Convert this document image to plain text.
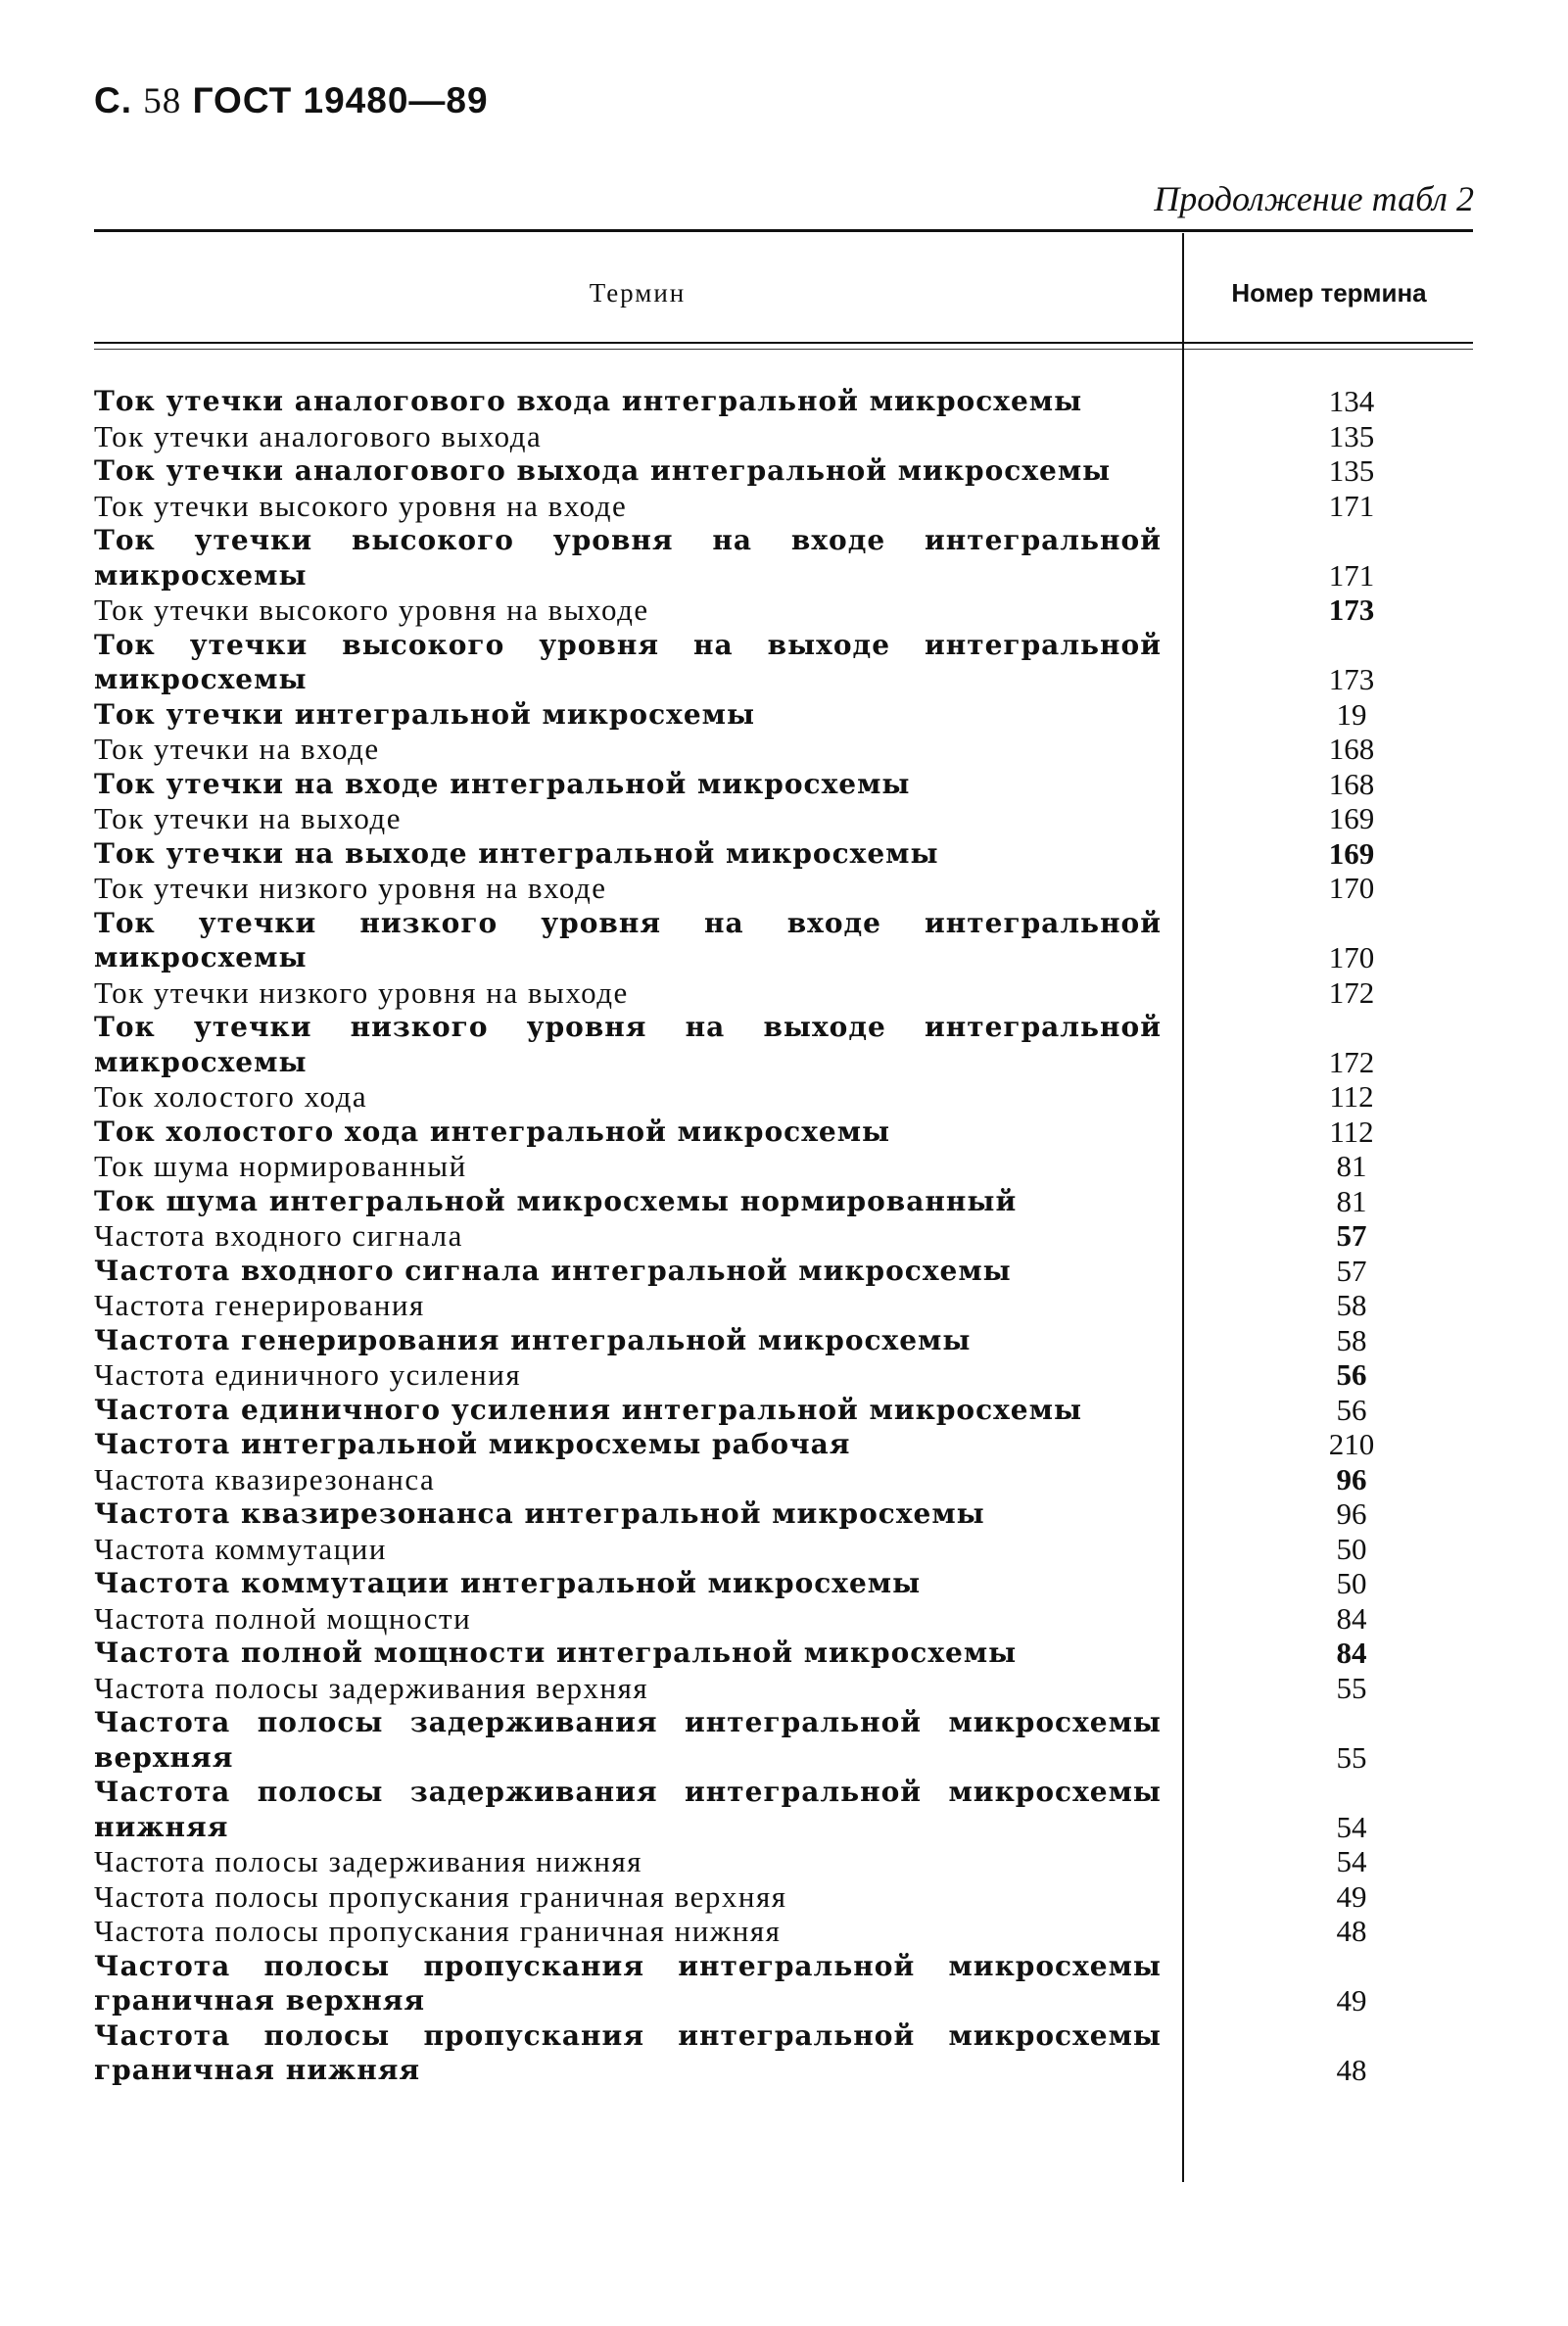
С. 58 ГОСТ 19480—89
Продолжение табл 2
Термин	Номер термина
Ток утечки аналогового входа интегральной микросхемы	134
Ток утечки аналогового выхода	135
Ток утечки аналогового выхода интегральной микросхемы	135
Ток утечки высокого уровня на входе	171
Ток утечки высокого уровня на входе интегральной микросхемы	171
Ток утечки высокого уровня на выходе	173
Ток утечки высокого уровня на выходе интегральной микросхемы	173
Ток утечки интегральной микросхемы	19
Ток утечки на входе	168
Ток утечки на входе интегральной микросхемы	168
Ток утечки на выходе	169
Ток утечки на выходе интегральной микросхемы	169
Ток утечки низкого уровня на входе	170
Ток утечки низкого уровня на входе интегральной микросхемы	170
Ток утечки низкого уровня на выходе	172
Ток утечки низкого уровня на выходе интегральной микросхемы	172
Ток холостого хода	112
Ток холостого хода интегральной микросхемы	112
Ток шума нормированный	81
Ток шума интегральной микросхемы нормированный	81
Частота входного сигнала	57
Частота входного сигнала интегральной микросхемы	57
Частота генерирования	58
Частота генерирования интегральной микросхемы	58
Частота единичного усиления	56
Частота единичного усиления интегральной микросхемы	56
Частота интегральной микросхемы рабочая	210
Частота квазирезонанса	96
Частота квазирезонанса интегральной микросхемы	96
Частота коммутации	50
Частота коммутации интегральной микросхемы	50
Частота полной мощности	84
Частота полной мощности интегральной микросхемы	84
Частота полосы задерживания верхняя	55
Частота полосы задерживания интегральной микросхемы верхняя	55
Частота полосы задерживания интегральной микросхемы нижняя	54
Частота полосы задерживания нижняя	54
Частота полосы пропускания граничная верхняя	49
Частота полосы пропускания граничная нижняя	48
Частота полосы пропускания интегральной микросхемы граничная верхняя	49
Частота полосы пропускания интегральной микросхемы граничная нижняя	48
